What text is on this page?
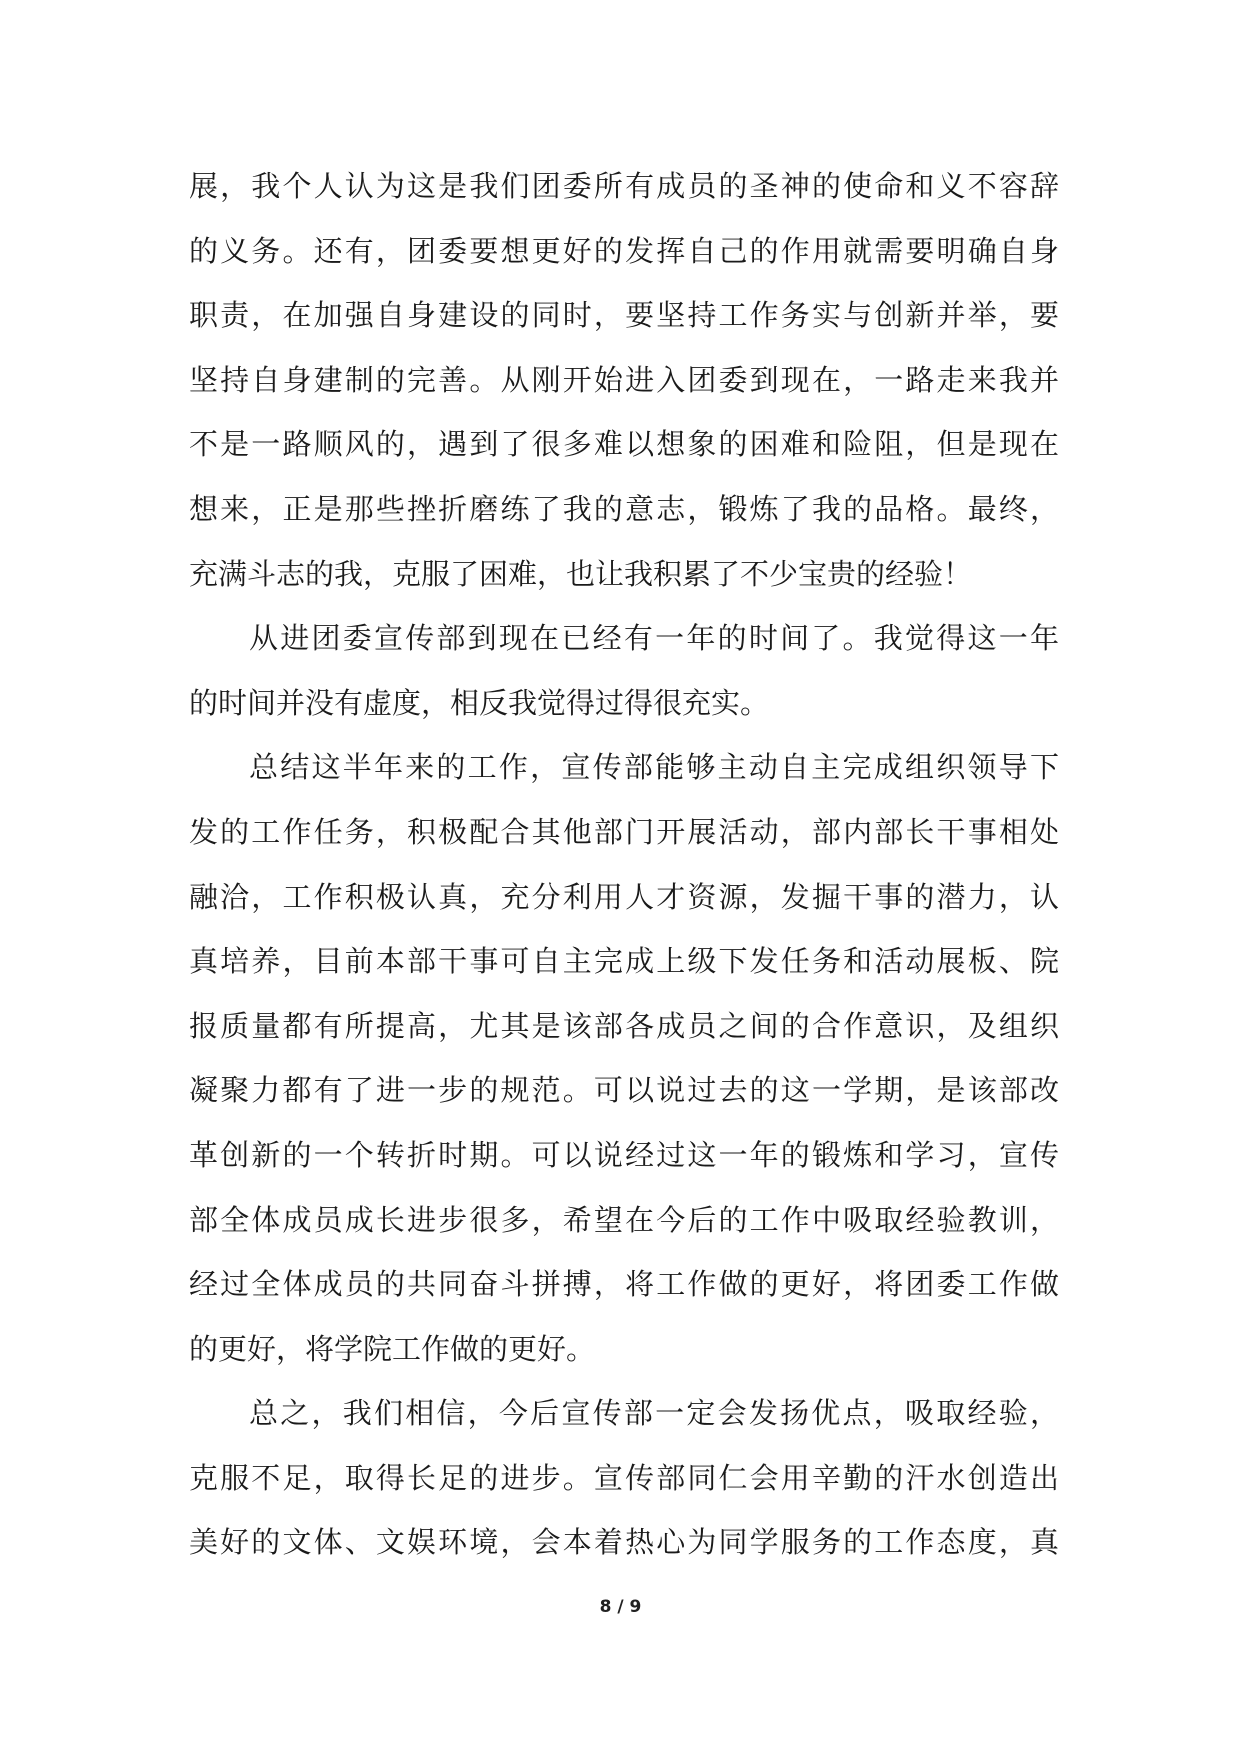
展，我个人认为这是我们团委所有成员的圣神的使命和义不容辞
的义务。还有，团委要想更好的发挥自己的作用就需要明确自身
职责，在加强自身建设的同时，要坚持工作务实与创新并举，要
坚持自身建制的完善。从刚开始进入团委到现在，一路走来我并
不是一路顺风的，遇到了很多难以想象的困难和险阻，但是现在
想来，正是那些挫折磨练了我的意志，锻炼了我的品格。最终，
充满斗志的我，克服了困难，也让我积累了不少宝贵的经验！
从进团委宣传部到现在已经有一年的时间了。我觉得这一年
的时间并没有虚度，相反我觉得过得很充实。
总结这半年来的工作，宣传部能够主动自主完成组织领导下
发的工作任务，积极配合其他部门开展活动，部内部长干事相处
融洽，工作积极认真，充分利用人才资源，发掘干事的潜力，认
真培养，目前本部干事可自主完成上级下发任务和活动展板、院
报质量都有所提高，尤其是该部各成员之间的合作意识，及组织
凝聚力都有了进一步的规范。可以说过去的这一学期，是该部改
革创新的一个转折时期。可以说经过这一年的锻炼和学习，宣传
部全体成员成长进步很多，希望在今后的工作中吸取经验教训，
经过全体成员的共同奋斗拼搏，将工作做的更好，将团委工作做
的更好，将学院工作做的更好。
总之，我们相信，今后宣传部一定会发扬优点，吸取经验，
克服不足，取得长足的进步。宣传部同仁会用辛勤的汗水创造出
美好的文体、文娱环境，会本着热心为同学服务的工作态度，真
8 / 9
